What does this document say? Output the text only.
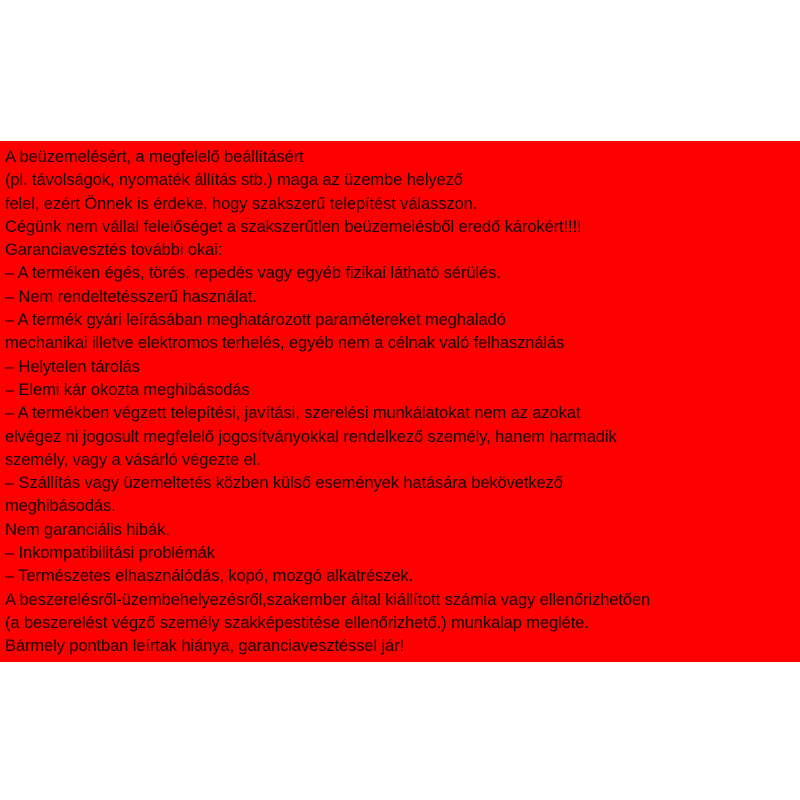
A beüzemelésért, a megfelelő beállításért

(pl. távolságok, nyomaték állítás stb.) maga az üzembe helyező

felel, ezért Önnek is érdeke, hogy szakszerű telepítést válasszon.

Cégünk nem vállal felelőséget a szakszerűtlen beüzemelésből eredő károkért!!!!

Garanciavesztés további okai:

– A terméken égés, törés, repedés vagy egyéb fizikai látható sérülés.

– Nem rendeltetésszerű használat.

– A termék gyári leírásában meghatározott paramétereket meghaladó

mechanikai illetve elektromos terhelés, egyéb nem a célnak való felhasználás

– Helytelen tárolás

– Elemi kár okozta meghibásodás

– A termékben végzett telepítési, javítási, szerelési munkálatokat nem az azokat

elvégez ni jogosult megfelelő jogosítványokkal rendelkező személy, hanem harmadik

személy, vagy a vásárló végezte el.

– Szállítás vagy üzemeltetés közben külső események hatására bekövetkező

meghibásodás.

Nem garanciális hibák.

– Inkompatibilitási problémák

– Természetes elhasználódás, kopó, mozgó alkatrészek.

A beszerelésről-üzembehelyezésről,szakember által kiállított számla vagy ellenőrizhetően

(a beszerelést végző személy szakképestitése ellenőrizhető.) munkalap megléte.

Bármely pontban leírtak hiánya, garanciavesztéssel jár!
